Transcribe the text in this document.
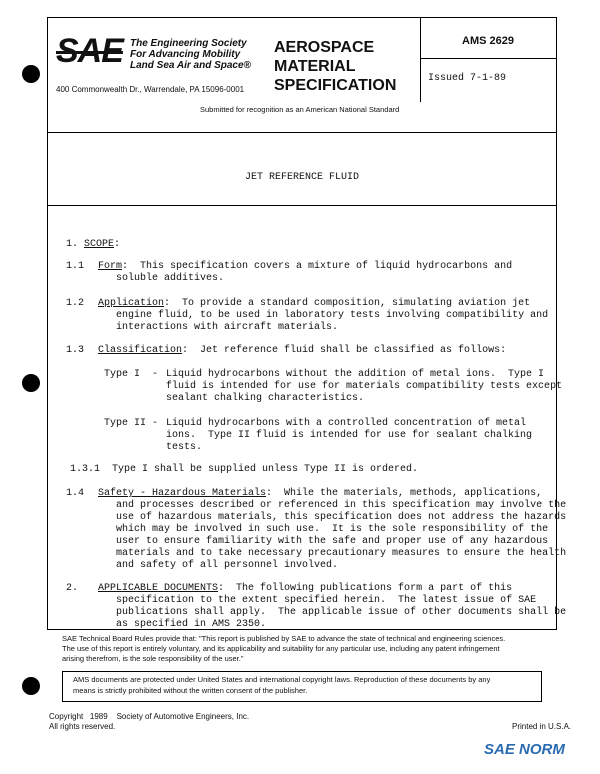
SAE The Engineering Society
For Advancing Mobility
Land Sea Air and Space®
400 Commonwealth Dr., Warrendale, PA 15096-0001
AEROSPACE
MATERIAL
SPECIFICATION
AMS 2629
Issued 7-1-89
Submitted for recognition as an American National Standard
JET REFERENCE FLUID
1. SCOPE:
1.1 Form:  This specification covers a mixture of liquid hydrocarbons and
soluble additives.
1.2 Application:  To provide a standard composition, simulating aviation jet
engine fluid, to be used in laboratory tests involving compatibility and
interactions with aircraft materials.
1.3 Classification:  Jet reference fluid shall be classified as follows:
Type I  - Liquid hydrocarbons without the addition of metal ions.  Type I
fluid is intended for use for materials compatibility tests except
sealant chalking characteristics.
Type II - Liquid hydrocarbons with a controlled concentration of metal
ions.  Type II fluid is intended for use for sealant chalking
tests.
1.3.1 Type I shall be supplied unless Type II is ordered.
1.4 Safety - Hazardous Materials:  While the materials, methods, applications,
and processes described or referenced in this specification may involve the
use of hazardous materials, this specification does not address the hazards
which may be involved in such use.  It is the sole responsibility of the
user to ensure familiarity with the safe and proper use of any hazardous
materials and to take necessary precautionary measures to ensure the health
and safety of all personnel involved.
2. APPLICABLE DOCUMENTS:  The following publications form a part of this
specification to the extent specified herein.  The latest issue of SAE
publications shall apply.  The applicable issue of other documents shall be
as specified in AMS 2350.
SAE Technical Board Rules provide that: "This report is published by SAE to advance the state of technical and engineering sciences.
The use of this report is entirely voluntary, and its applicability and suitability for any particular use, including any patent infringement
arising therefrom, is the sole responsibility of the user."
AMS documents are protected under United States and international copyright laws. Reproduction of these documents by any
means is strictly prohibited without the written consent of the publisher.
Copyright   1989    Society of Automotive Engineers, Inc.
All rights reserved.	Printed in U.S.A.
SAE NORM
